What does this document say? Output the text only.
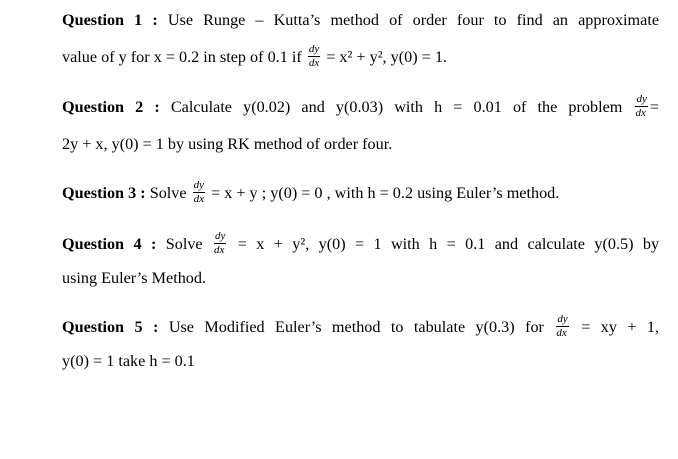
Question 1 : Use Runge – Kutta’s method of order four to find an approximate
value of y for x = 0.2 in step of 0.1 if $\frac{dy}{dx} = x^2 + y^2$, y(0) = 1.
Question 2 : Calculate y(0.02) and y(0.03) with h = 0.01 of the problem $\frac{dy}{dx}$ =
2y + x, y(0) = 1 by using RK method of order four.
Question 3 : Solve $\frac{dy}{dx} = x + y$ ; y(0) = 0 , with h = 0.2 using Euler’s method.
Question 4 : Solve $\frac{dy}{dx} = x + y^2$, y(0) = 1 with h = 0.1 and calculate y(0.5) by
using Euler’s Method.
Question 5 : Use Modified Euler’s method to tabulate y(0.3) for $\frac{dy}{dx}$ = xy + 1,
y(0) = 1 take h = 0.1
